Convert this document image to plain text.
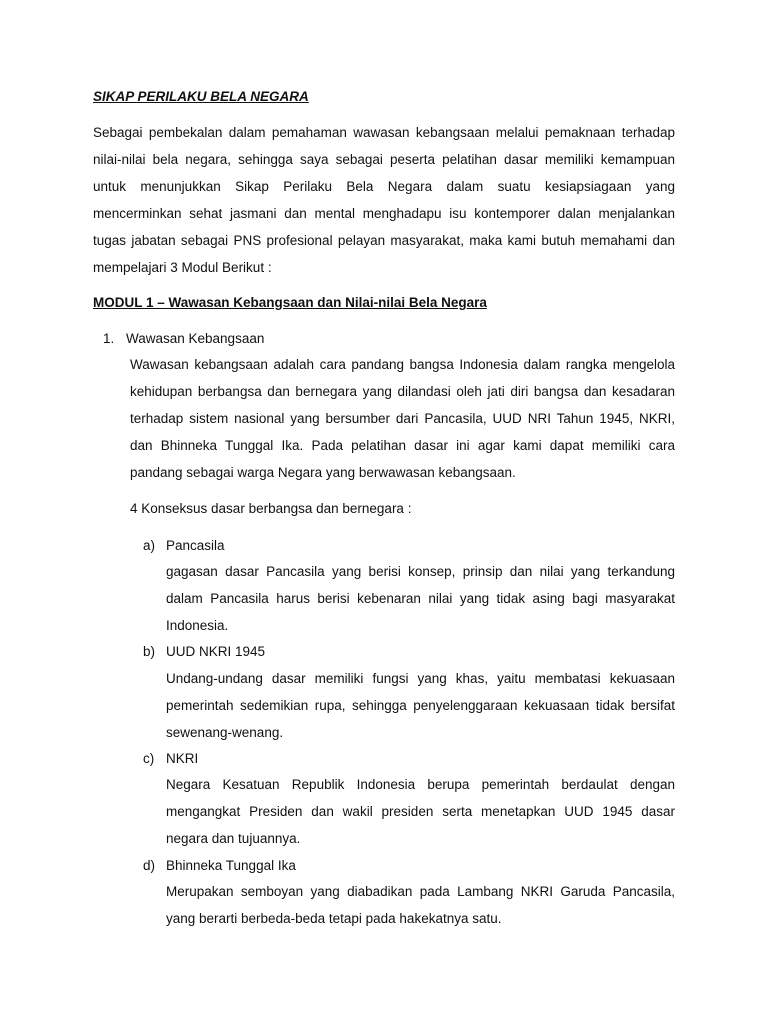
SIKAP PERILAKU BELA NEGARA
Sebagai pembekalan dalam pemahaman wawasan kebangsaan melalui pemaknaan terhadap
nilai-nilai bela negara, sehingga saya sebagai peserta pelatihan dasar memiliki kemampuan
untuk menunjukkan Sikap Perilaku Bela Negara dalam suatu kesiapsiagaan yang
mencerminkan sehat jasmani dan mental menghadapu isu kontemporer dalan menjalankan
tugas jabatan sebagai PNS profesional pelayan masyarakat, maka kami butuh memahami dan
mempelajari 3 Modul Berikut :
MODUL 1 – Wawasan Kebangsaan dan Nilai-nilai Bela Negara
1. Wawasan Kebangsaan
Wawasan kebangsaan adalah cara pandang bangsa Indonesia dalam rangka mengelola
kehidupan berbangsa dan bernegara yang dilandasi oleh jati diri bangsa dan kesadaran
terhadap sistem nasional yang bersumber dari Pancasila, UUD NRI Tahun 1945, NKRI,
dan Bhinneka Tunggal Ika. Pada pelatihan dasar ini agar kami dapat memiliki cara
pandang sebagai warga Negara yang berwawasan kebangsaan.
4 Konseksus dasar berbangsa dan bernegara :
a) Pancasila
gagasan dasar Pancasila yang berisi konsep, prinsip dan nilai yang terkandung
dalam Pancasila harus berisi kebenaran nilai yang tidak asing bagi masyarakat
Indonesia.
b) UUD NKRI 1945
Undang-undang dasar memiliki fungsi yang khas, yaitu membatasi kekuasaan
pemerintah sedemikian rupa, sehingga penyelenggaraan kekuasaan tidak bersifat
sewenang-wenang.
c) NKRI
Negara Kesatuan Republik Indonesia berupa pemerintah berdaulat dengan
mengangkat Presiden dan wakil presiden serta menetapkan UUD 1945 dasar
negara dan tujuannya.
d) Bhinneka Tunggal Ika
Merupakan semboyan yang diabadikan pada Lambang NKRI Garuda Pancasila,
yang berarti berbeda-beda tetapi pada hakekatnya satu.
